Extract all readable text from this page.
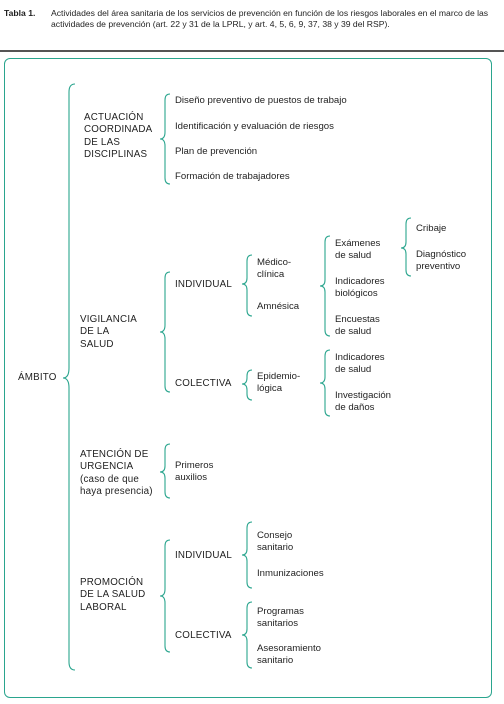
Tabla 1. Actividades del área sanitaria de los servicios de prevención en función de los riesgos laborales en el marco de las actividades de prevención (art. 22 y 31 de la LPRL, y art. 4, 5, 6, 9, 37, 38 y 39 del RSP).
ÁMBITO
ACTUACIÓN
COORDINADA
DE LAS
DISCIPLINAS
Diseño preventivo de puestos de trabajo
Identificación y evaluación de riesgos
Plan de prevención
Formación de trabajadores
VIGILANCIA
DE LA
SALUD
INDIVIDUAL
Médico-
clínica
Exámenes
de salud
Cribaje
Diagnóstico
preventivo
Indicadores
biológicos
Encuestas
de salud
Amnésica
COLECTIVA
Epidemio-
lógica
Indicadores
de salud
Investigación
de daños
ATENCIÓN DE
URGENCIA
(caso de que
haya presencia)
Primeros
auxilios
PROMOCIÓN
DE LA SALUD
LABORAL
INDIVIDUAL
Consejo
sanitario
Inmunizaciones
COLECTIVA
Programas
sanitarios
Asesoramiento
sanitario
